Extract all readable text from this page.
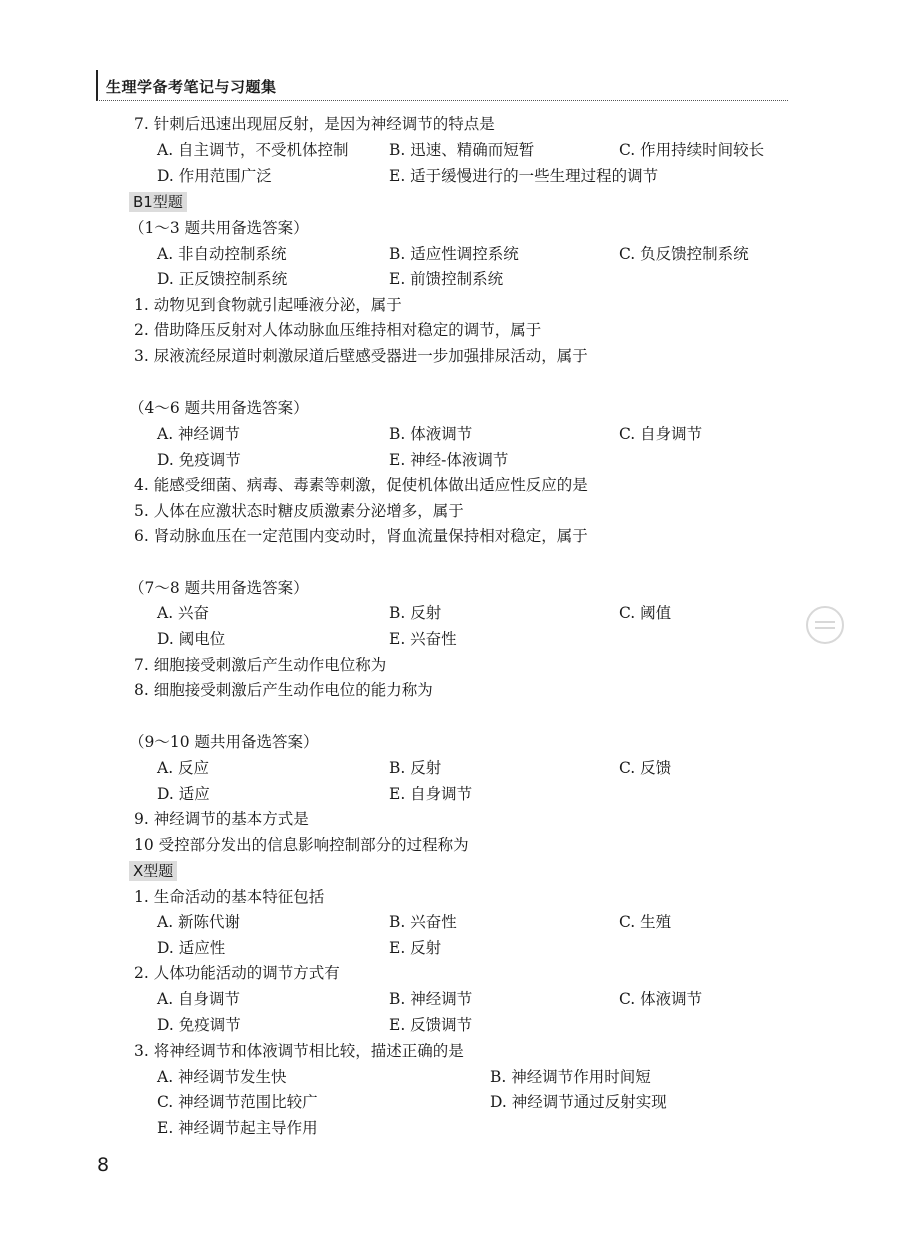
生理学备考笔记与习题集
7. 针刺后迅速出现屈反射，是因为神经调节的特点是
A. 自主调节，不受机体控制	B. 迅速、精确而短暂	C. 作用持续时间较长
D. 作用范围广泛	E. 适于缓慢进行的一些生理过程的调节
B1型题
（1～3 题共用备选答案）
A. 非自动控制系统	B. 适应性调控系统	C. 负反馈控制系统
D. 正反馈控制系统	E. 前馈控制系统
1. 动物见到食物就引起唾液分泌，属于
2. 借助降压反射对人体动脉血压维持相对稳定的调节，属于
3. 尿液流经尿道时刺激尿道后壁感受器进一步加强排尿活动，属于
（4～6 题共用备选答案）
A. 神经调节	B. 体液调节	C. 自身调节
D. 免疫调节	E. 神经-体液调节
4. 能感受细菌、病毒、毒素等刺激，促使机体做出适应性反应的是
5. 人体在应激状态时糖皮质激素分泌增多，属于
6. 肾动脉血压在一定范围内变动时，肾血流量保持相对稳定，属于
（7～8 题共用备选答案）
A. 兴奋	B. 反射	C. 阈值
D. 阈电位	E. 兴奋性
7. 细胞接受刺激后产生动作电位称为
8. 细胞接受刺激后产生动作电位的能力称为
（9～10 题共用备选答案）
A. 反应	B. 反射	C. 反馈
D. 适应	E. 自身调节
9. 神经调节的基本方式是
10 受控部分发出的信息影响控制部分的过程称为
X型题
1. 生命活动的基本特征包括
A. 新陈代谢	B. 兴奋性	C. 生殖
D. 适应性	E. 反射
2. 人体功能活动的调节方式有
A. 自身调节	B. 神经调节	C. 体液调节
D. 免疫调节	E. 反馈调节
3. 将神经调节和体液调节相比较，描述正确的是
A. 神经调节发生快	B. 神经调节作用时间短
C. 神经调节范围比较广	D. 神经调节通过反射实现
E. 神经调节起主导作用
8
